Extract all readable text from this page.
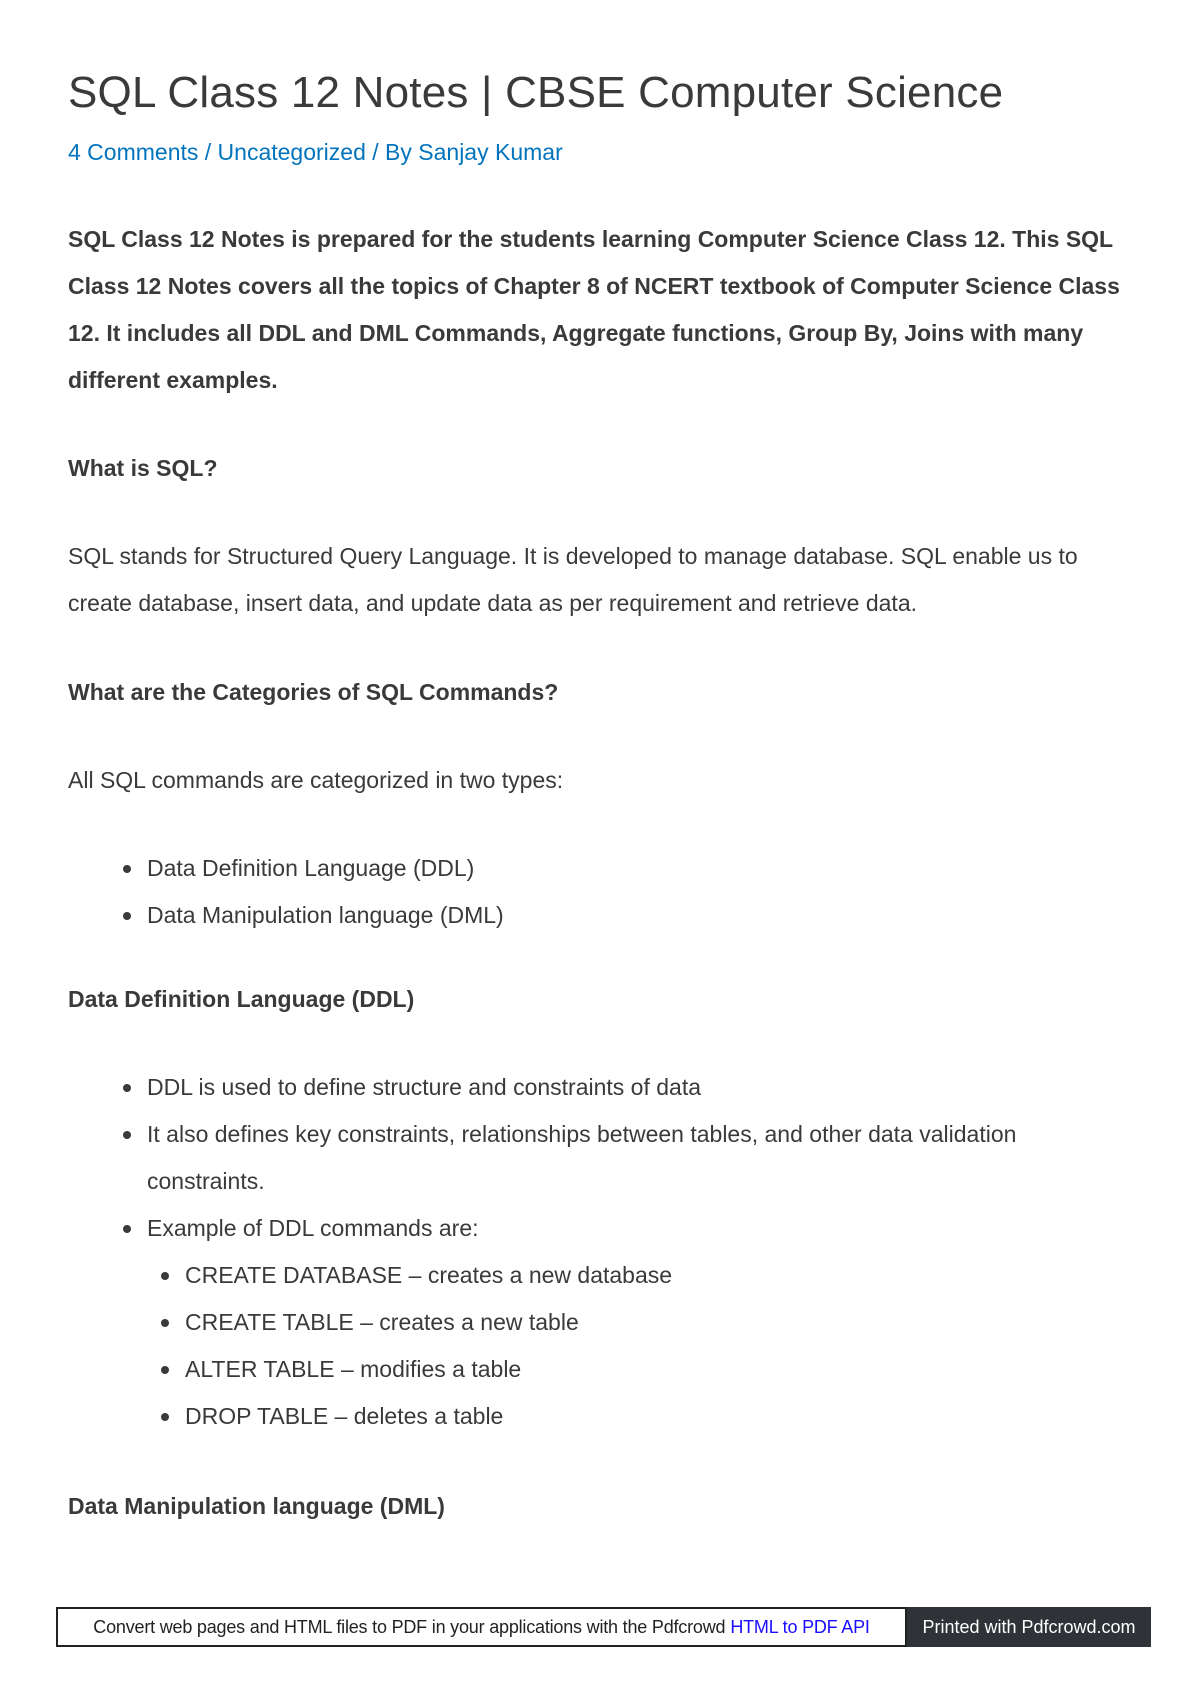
SQL Class 12 Notes | CBSE Computer Science
4 Comments / Uncategorized / By Sanjay Kumar

SQL Class 12 Notes is prepared for the students learning Computer Science Class 12. This SQL Class 12 Notes covers all the topics of Chapter 8 of NCERT textbook of Computer Science Class 12. It includes all DDL and DML Commands, Aggregate functions, Group By, Joins with many different examples.

What is SQL?

SQL stands for Structured Query Language. It is developed to manage database. SQL enable us to create database, insert data, and update data as per requirement and retrieve data.

What are the Categories of SQL Commands?

All SQL commands are categorized in two types:

Data Definition Language (DDL)
Data Manipulation language (DML)

Data Definition Language (DDL)

DDL is used to define structure and constraints of data
It also defines key constraints, relationships between tables, and other data validation constraints.
Example of DDL commands are:
CREATE DATABASE – creates a new database
CREATE TABLE – creates a new table
ALTER TABLE – modifies a table
DROP TABLE – deletes a table

Data Manipulation language (DML)

Convert web pages and HTML files to PDF in your applications with the Pdfcrowd HTML to PDF API	Printed with Pdfcrowd.com
